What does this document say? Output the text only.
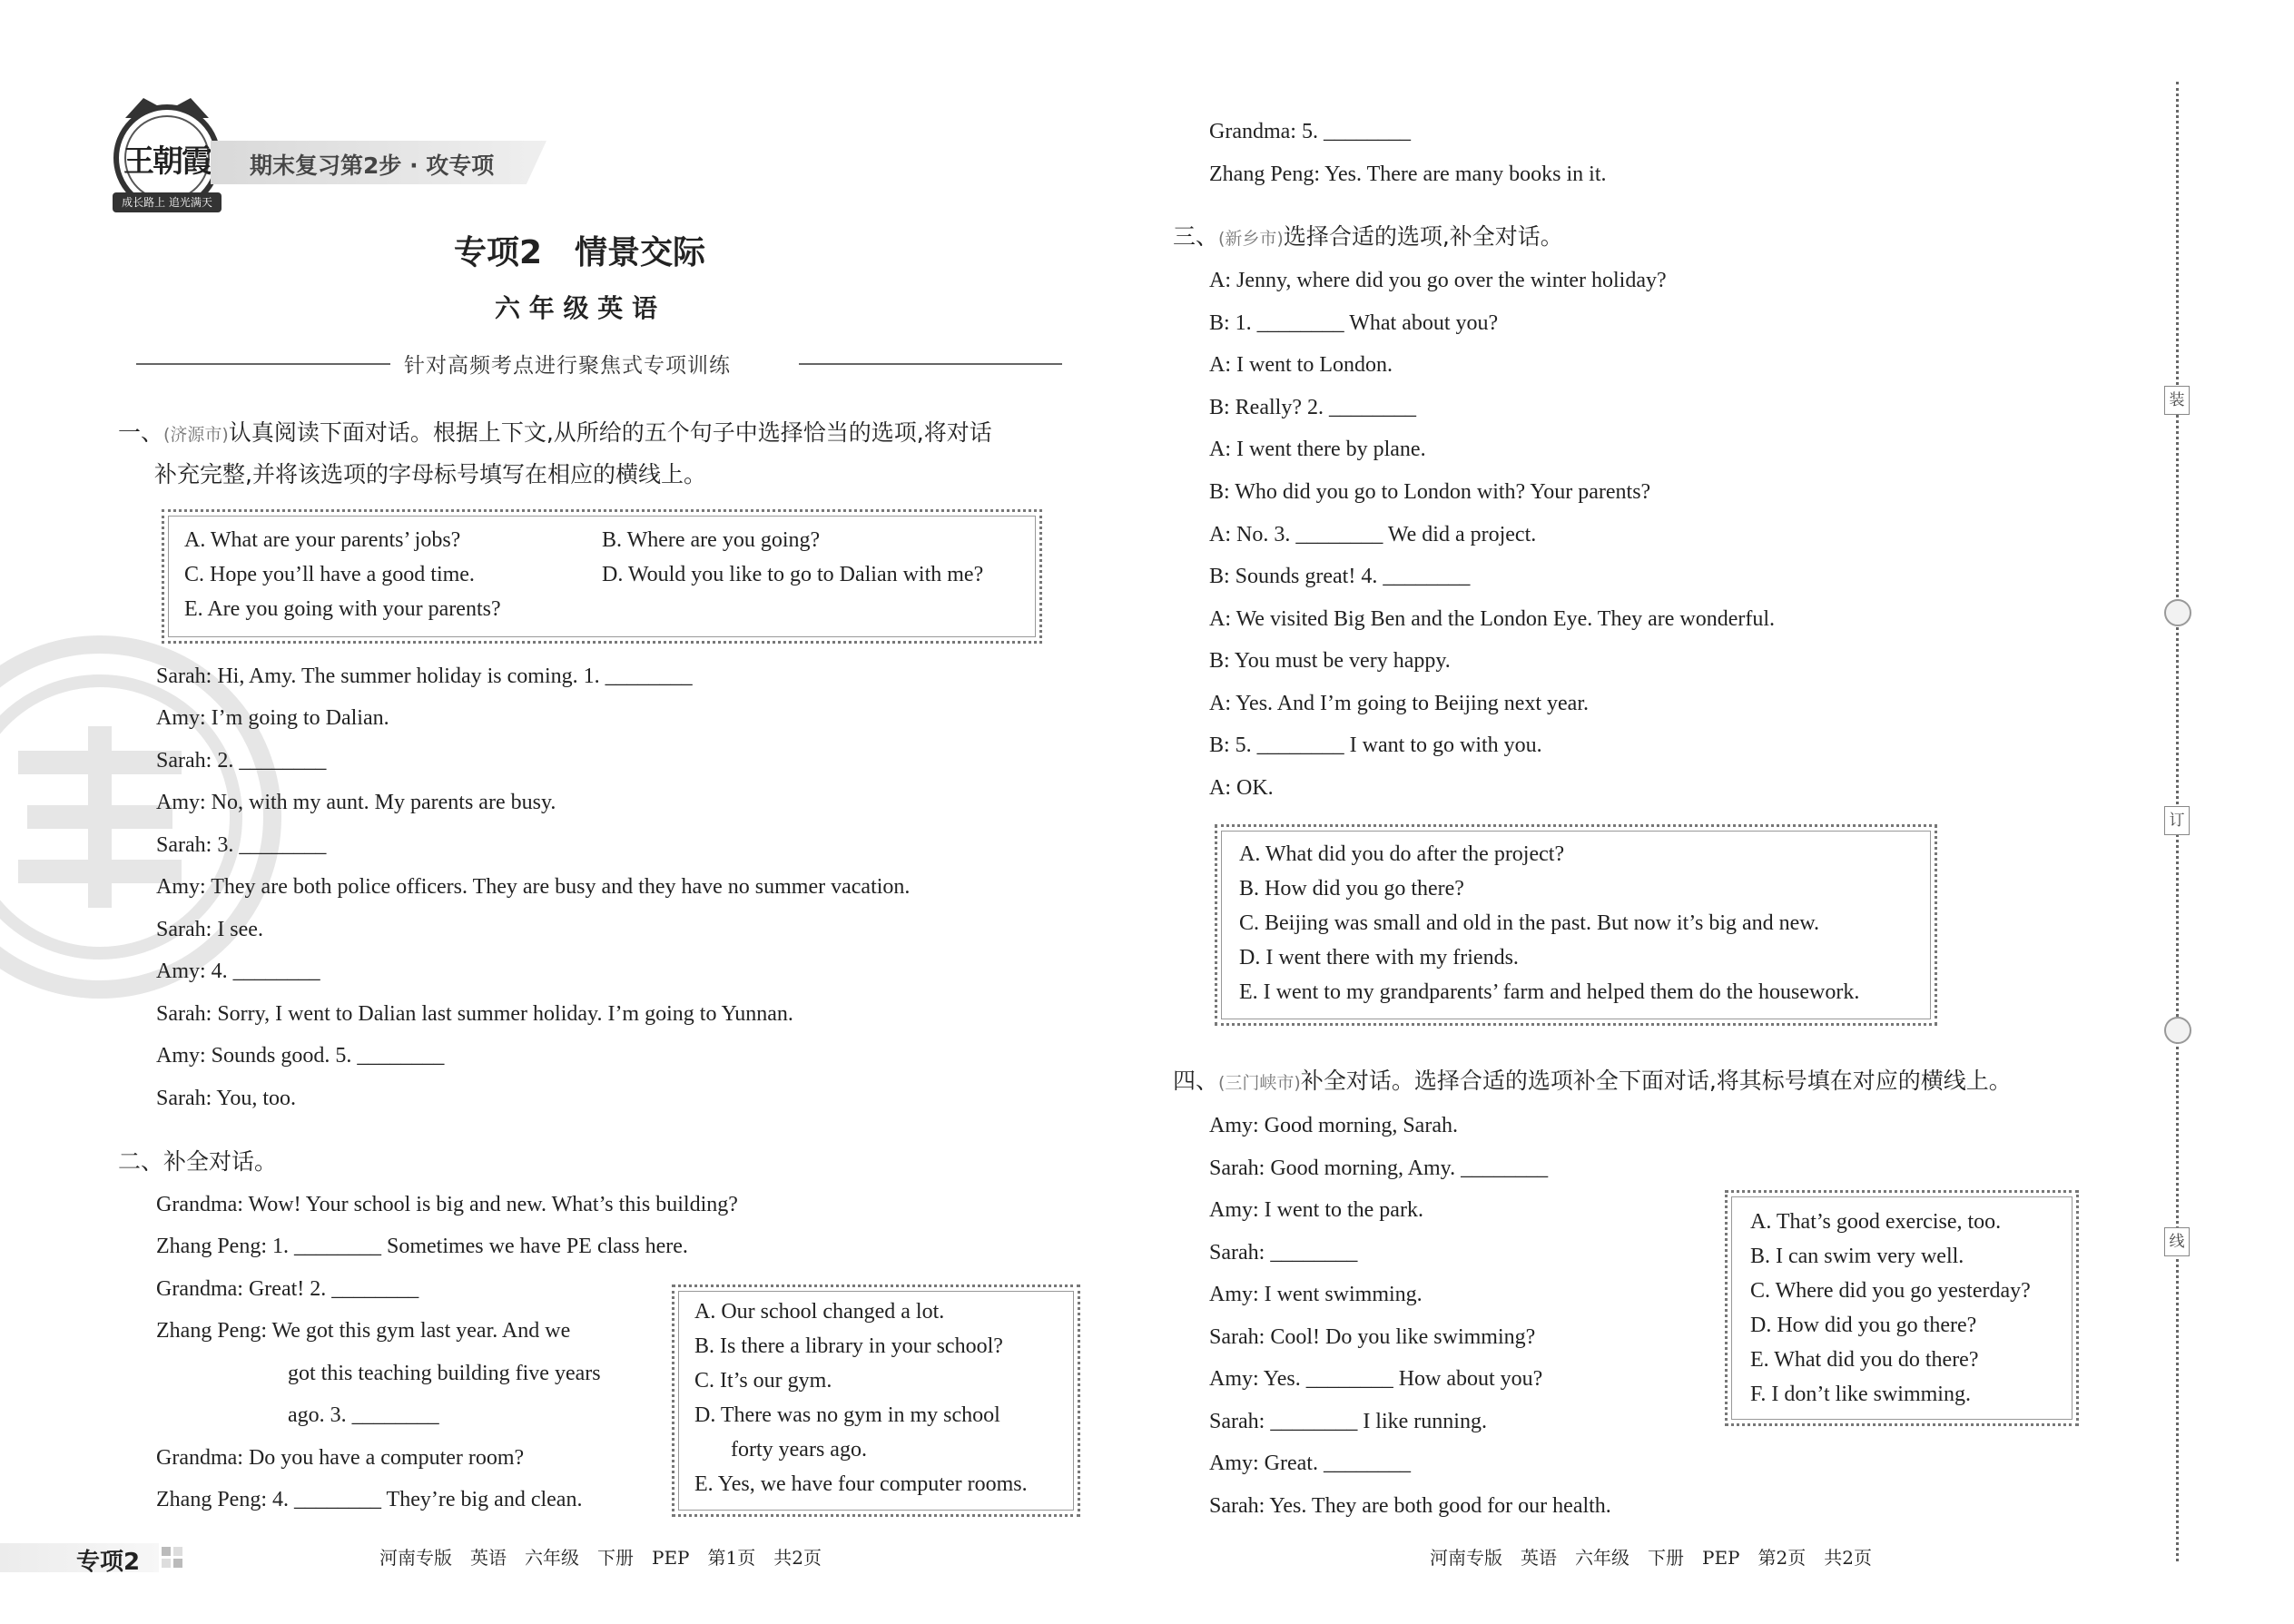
王朝霞
成长路上 追光满天
期末复习第2步 · 攻专项
专项2　情景交际
六 年 级 英 语
针对高频考点进行聚焦式专项训练
一、(济源市)认真阅读下面对话。根据上下文,从所给的五个句子中选择恰当的选项,将对话
补充完整,并将该选项的字母标号填写在相应的横线上。
A. What are your parents’ jobs?	B. Where are you going?
C. Hope you’ll have a good time.	D. Would you like to go to Dalian with me?
E. Are you going with your parents?
Sarah: Hi, Amy. The summer holiday is coming. 1. ________
Amy: I’m going to Dalian.
Sarah: 2. ________
Amy: No, with my aunt. My parents are busy.
Sarah: 3. ________
Amy: They are both police officers. They are busy and they have no summer vacation.
Sarah: I see.
Amy: 4. ________
Sarah: Sorry, I went to Dalian last summer holiday. I’m going to Yunnan.
Amy: Sounds good. 5. ________
Sarah: You, too.
二、补全对话。
Grandma: Wow! Your school is big and new. What’s this building?
Zhang Peng: 1. ________ Sometimes we have PE class here.
Grandma: Great! 2. ________
Zhang Peng: We got this gym last year. And we
got this teaching building five years
ago. 3. ________
Grandma: Do you have a computer room?
Zhang Peng: 4. ________ They’re big and clean.
A. Our school changed a lot.
B. Is there a library in your school?
C. It’s our gym.
D. There was no gym in my school
forty years ago.
E. Yes, we have four computer rooms.
Grandma: 5. ________
Zhang Peng: Yes. There are many books in it.
三、(新乡市)选择合适的选项,补全对话。
A: Jenny, where did you go over the winter holiday?
B: 1. ________ What about you?
A: I went to London.
B: Really? 2. ________
A: I went there by plane.
B: Who did you go to London with? Your parents?
A: No. 3. ________ We did a project.
B: Sounds great! 4. ________
A: We visited Big Ben and the London Eye. They are wonderful.
B: You must be very happy.
A: Yes. And I’m going to Beijing next year.
B: 5. ________ I want to go with you.
A: OK.
A. What did you do after the project?
B. How did you go there?
C. Beijing was small and old in the past. But now it’s big and new.
D. I went there with my friends.
E. I went to my grandparents’ farm and helped them do the housework.
四、(三门峡市)补全对话。选择合适的选项补全下面对话,将其标号填在对应的横线上。
Amy: Good morning, Sarah.
Sarah: Good morning, Amy. ________
Amy: I went to the park.
Sarah: ________
Amy: I went swimming.
Sarah: Cool! Do you like swimming?
Amy: Yes. ________ How about you?
Sarah: ________ I like running.
Amy: Great. ________
Sarah: Yes. They are both good for our health.
A. That’s good exercise, too.
B. I can swim very well.
C. Where did you go yesterday?
D. How did you go there?
E. What did you do there?
F. I don’t like swimming.
装
订
线
专项2	河南专版　英语　六年级　下册　PEP　第1页　共2页	河南专版　英语　六年级　下册　PEP　第2页　共2页
